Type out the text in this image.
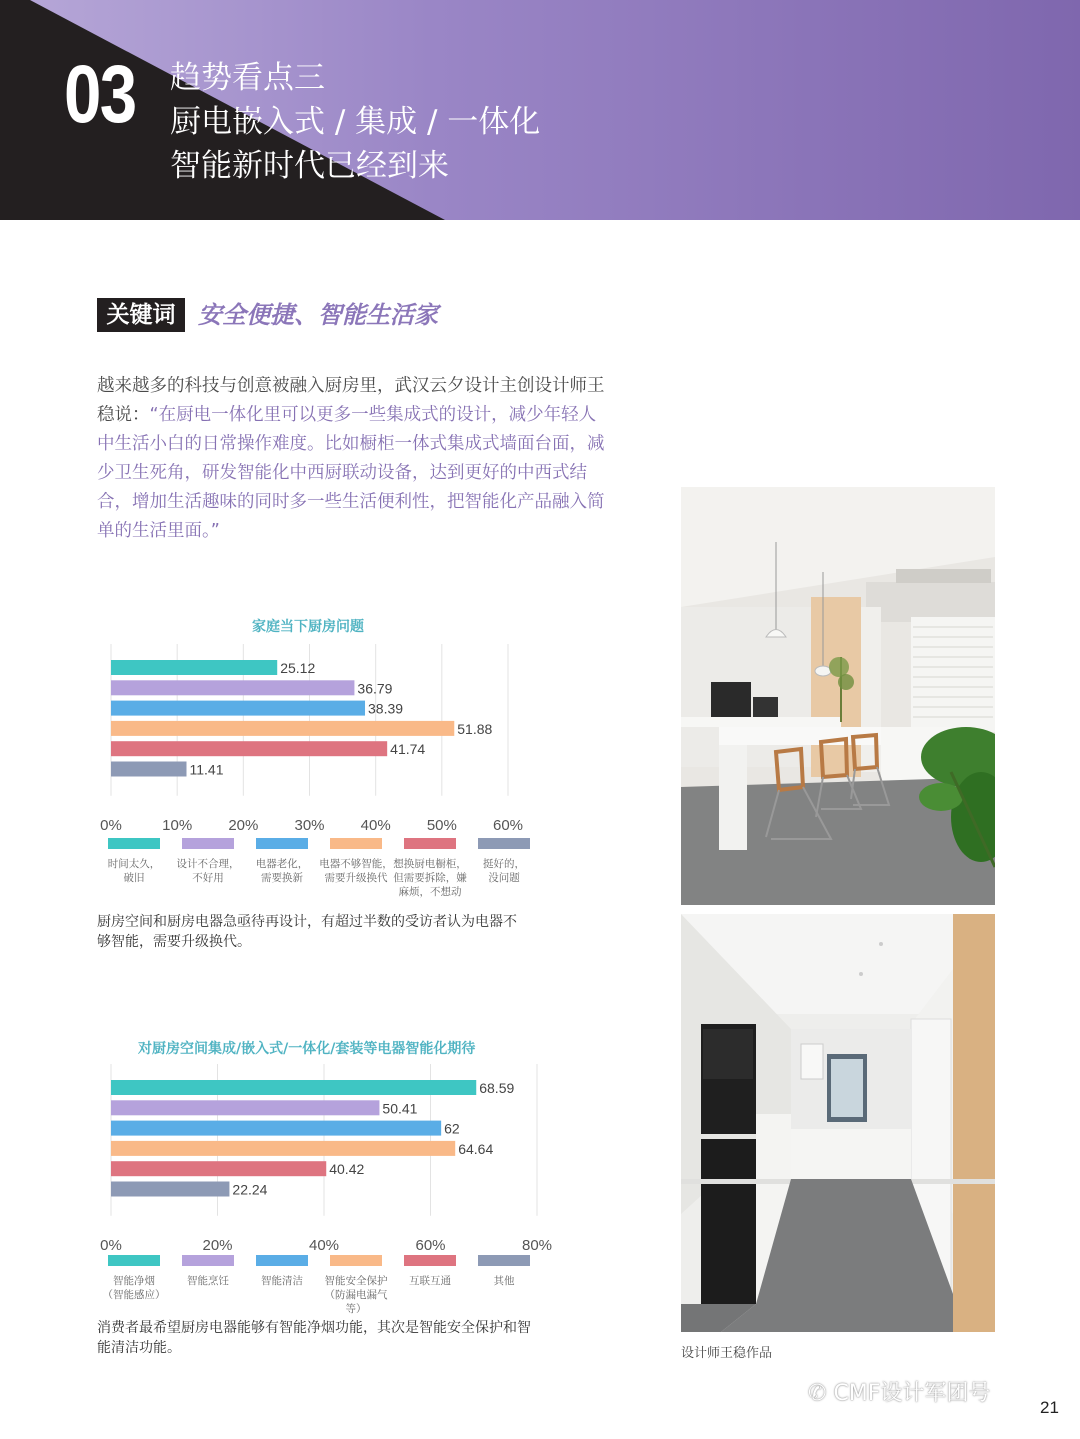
03 趋势看点三
厨电嵌入式 / 集成 / 一体化
智能新时代已经到来
关键词 安全便捷、智能生活家
越来越多的科技与创意被融入厨房里，武汉云夕设计主创设计师王稳说：“在厨电一体化里可以更多一些集成式的设计，减少年轻人中生活小白的日常操作难度。比如橱柜一体式集成式墙面台面，减少卫生死角，研发智能化中西厨联动设备，达到更好的中西式结合，增加生活趣味的同时多一些生活便利性，把智能化产品融入简单的生活里面。”
家庭当下厨房问题
25.12
36.79
38.39
51.88
41.74
11.41
0%	10% 20% 30% 40% 50% 60%
时间太久，
破旧
设计不合理，
不好用
电器老化，
需要换新
电器不够智能，
需要升级换代
想换厨电橱柜，
但需要拆除，嫌
麻烦，不想动
挺好的，
没问题
厨房空间和厨房电器急亟待再设计，有超过半数的受访者认为电器不够智能，需要升级换代。
对厨房空间集成/嵌入式/一体化/套装等电器智能化期待
68.59
50.41
62
64.64
40.42
22.24
0%	20%	40%	60%	80%
智能净烟
（智能感应）
智能烹饪	智能清洁	智能安全保护
（防漏电漏气等）
互联互通	其他
消费者最希望厨房电器能够有智能净烟功能，其次是智能安全保护和智能清洁功能。	设计师王稳作品
✆ CMF设计军团号
21
